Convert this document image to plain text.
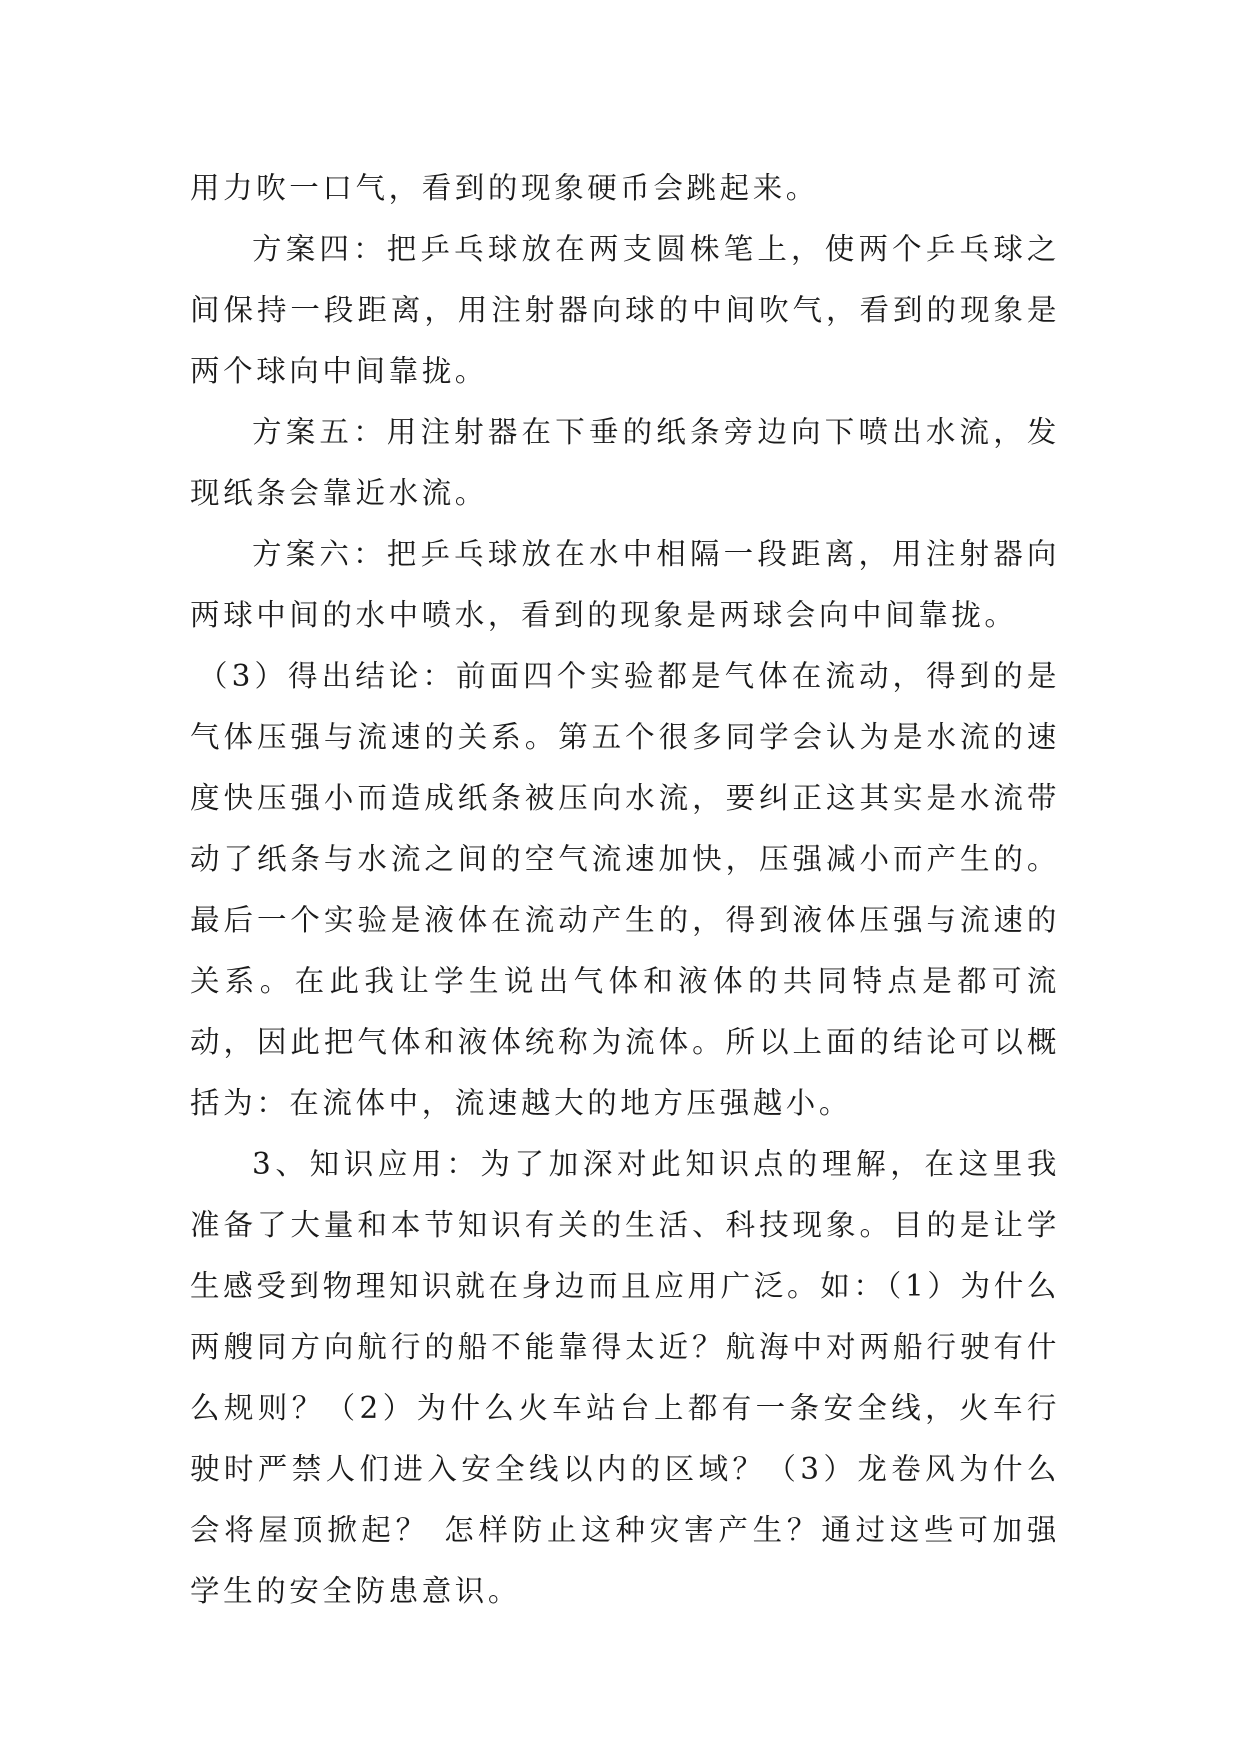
用力吹一口气，看到的现象硬币会跳起来。

方案四：把乒乓球放在两支圆株笔上，使两个乒乓球之间保持一段距离，用注射器向球的中间吹气，看到的现象是两个球向中间靠拢。

方案五：用注射器在下垂的纸条旁边向下喷出水流，发现纸条会靠近水流。

方案六：把乒乓球放在水中相隔一段距离，用注射器向两球中间的水中喷水，看到的现象是两球会向中间靠拢。

（3）得出结论：前面四个实验都是气体在流动，得到的是气体压强与流速的关系。第五个很多同学会认为是水流的速度快压强小而造成纸条被压向水流，要纠正这其实是水流带动了纸条与水流之间的空气流速加快，压强减小而产生的。最后一个实验是液体在流动产生的，得到液体压强与流速的关系。在此我让学生说出气体和液体的共同特点是都可流动，因此把气体和液体统称为流体。所以上面的结论可以概括为：在流体中，流速越大的地方压强越小。

3、知识应用：为了加深对此知识点的理解，在这里我准备了大量和本节知识有关的生活、科技现象。目的是让学生感受到物理知识就在身边而且应用广泛。如：（1）为什么两艘同方向航行的船不能靠得太近？航海中对两船行驶有什么规则？（2）为什么火车站台上都有一条安全线，火车行驶时严禁人们进入安全线以内的区域？（3）龙卷风为什么会将屋顶掀起？ 怎样防止这种灾害产生？通过这些可加强学生的安全防患意识。
